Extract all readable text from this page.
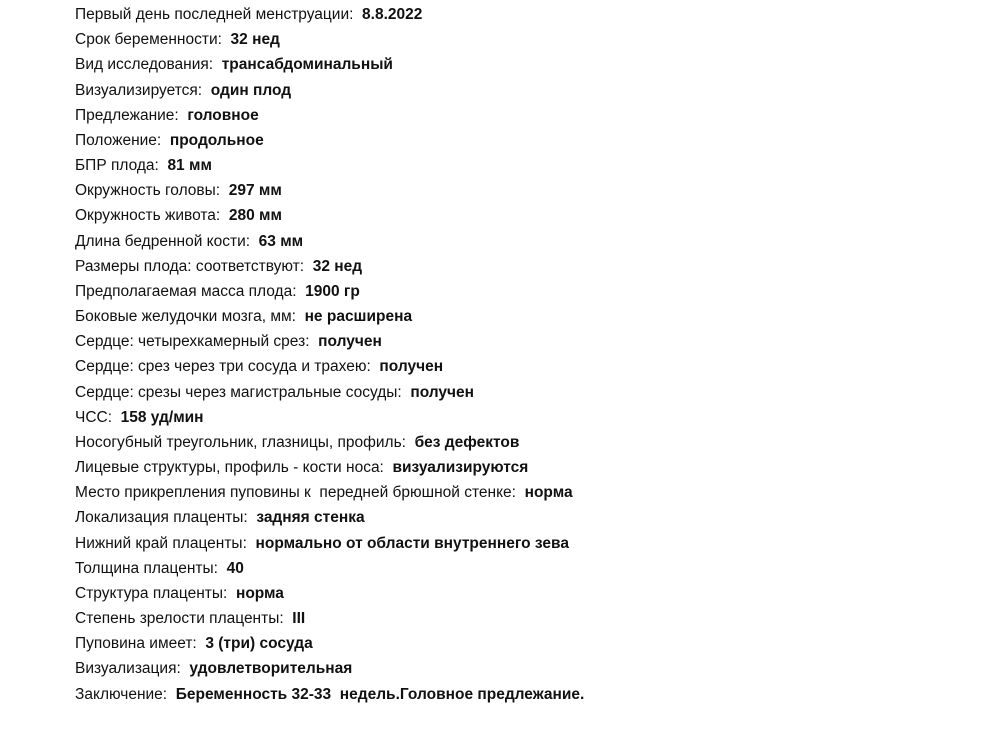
Первый день последней менструации:  8.8.2022
Срок беременности:  32 нед
Вид исследования:  трансабдоминальный
Визуализируется:  один плод
Предлежание:  головное
Положение:  продольное
БПР плода:  81 мм
Окружность головы:  297 мм
Окружность живота:  280 мм
Длина бедренной кости:  63 мм
Размеры плода: соответствуют:  32 нед
Предполагаемая масса плода:  1900 гр
Боковые желудочки мозга, мм:  не расширена
Сердце: четырехкамерный срез:  получен
Сердце: срез через три сосуда и трахею:  получен
Сердце: срезы через магистральные сосуды:  получен
ЧСС:  158 уд/мин
Носогубный треугольник, глазницы, профиль:  без дефектов
Лицевые структуры, профиль - кости носа:  визуализируются
Место прикрепления пуповины к  передней брюшной стенке:  норма
Локализация плаценты:  задняя стенка
Нижний край плаценты:  нормально от области внутреннего зева
Толщина плаценты:  40
Структура плаценты:  норма
Степень зрелости плаценты:  III
Пуповина имеет:  3 (три) сосуда
Визуализация:  удовлетворительная
Заключение:  Беременность 32-33  недель.Головное предлежание.
